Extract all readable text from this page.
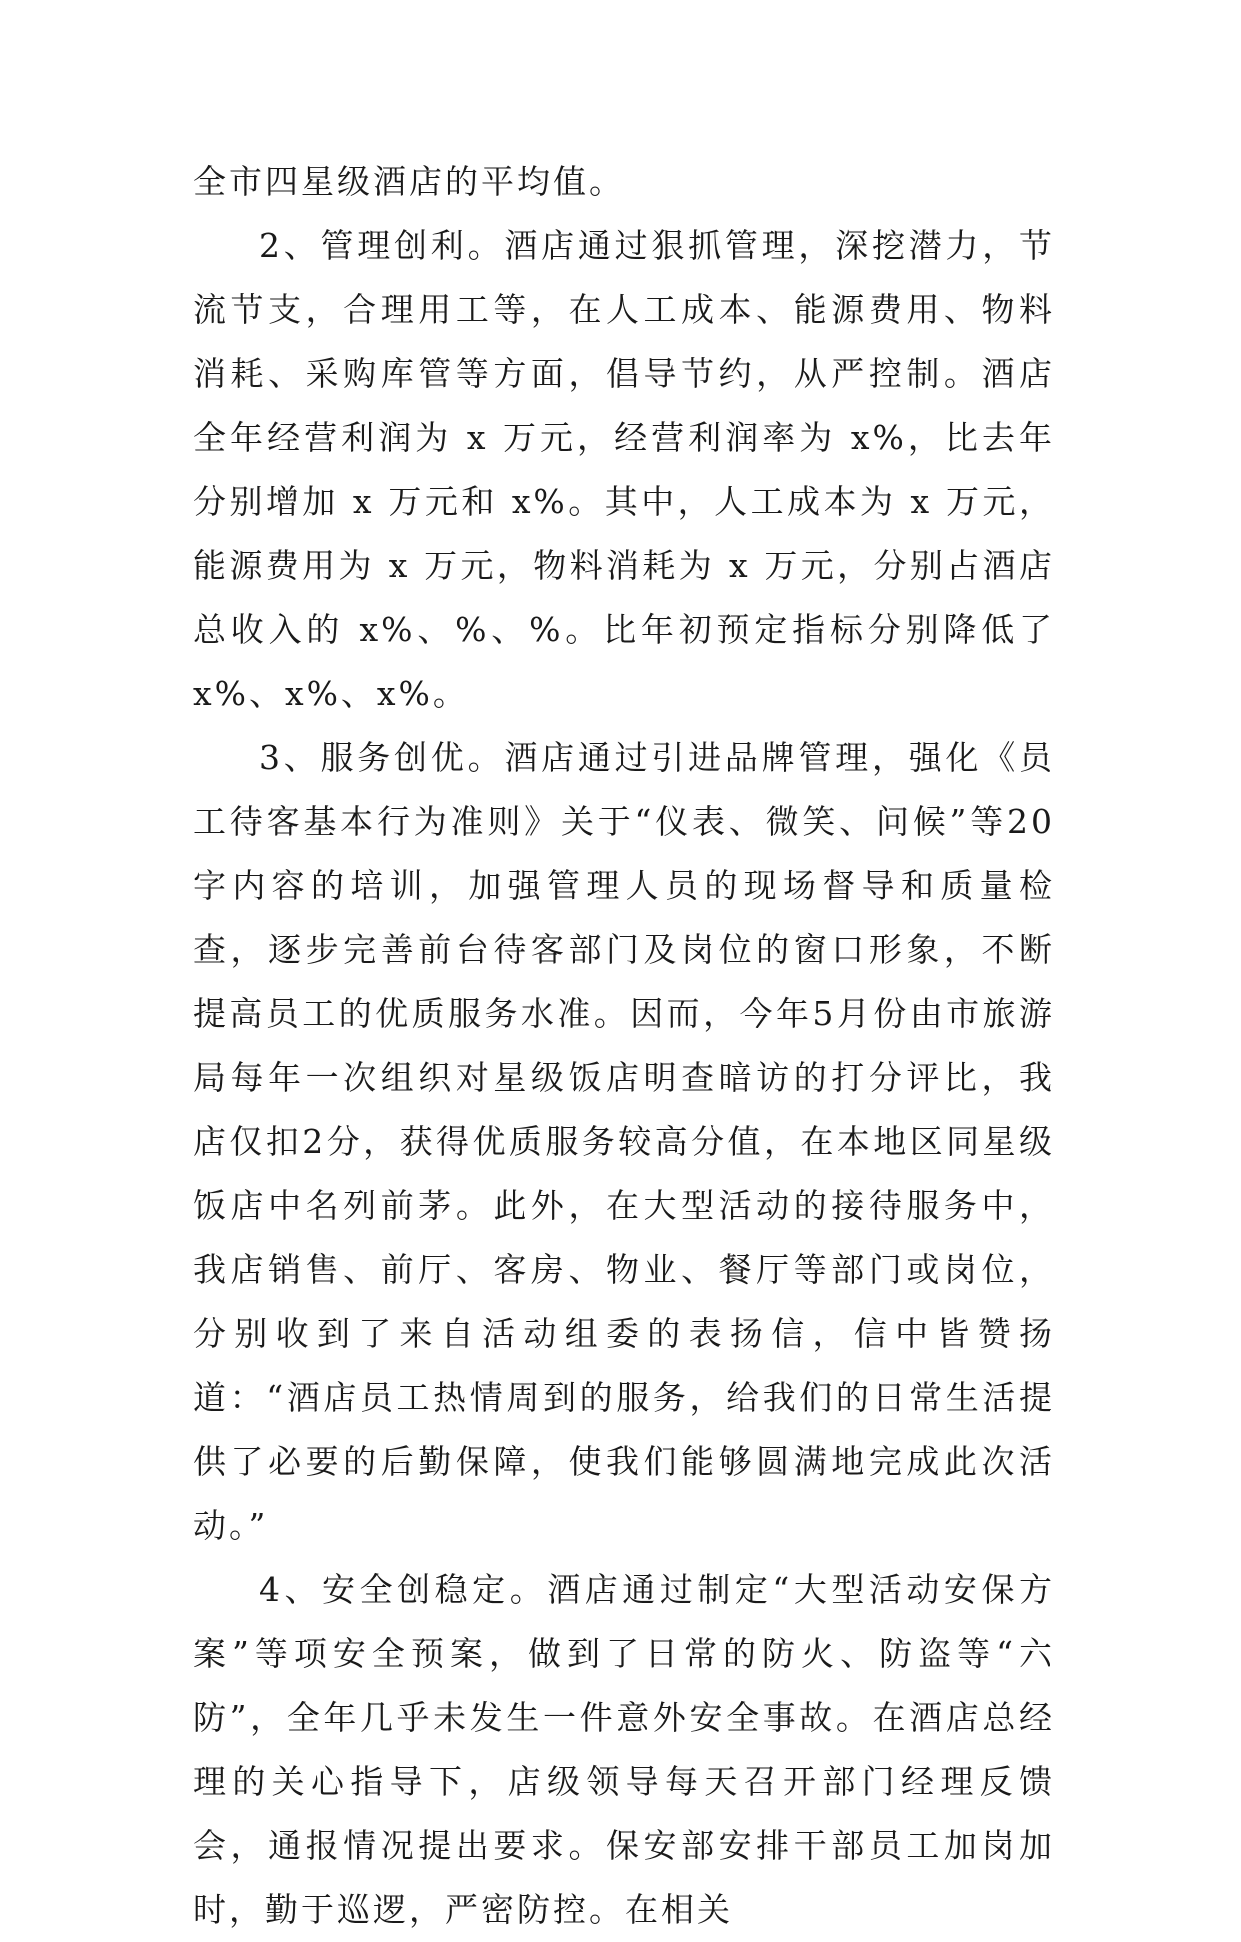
全市四星级酒店的平均值。

2、管理创利。酒店通过狠抓管理，深挖潜力，节流节支，合理用工等，在人工成本、能源费用、物料消耗、采购库管等方面，倡导节约，从严控制。酒店全年经营利润为 x 万元，经营利润率为 x%，比去年分别增加 x 万元和 x%。其中，人工成本为 x 万元，能源费用为 x 万元，物料消耗为 x 万元，分别占酒店总收入的 x%、%、%。比年初预定指标分别降低了 x%、x%、x%。

3、服务创优。酒店通过引进品牌管理，强化《员工待客基本行为准则》关于“仪表、微笑、问候”等20字内容的培训，加强管理人员的现场督导和质量检查，逐步完善前台待客部门及岗位的窗口形象，不断提高员工的优质服务水准。因而，今年5月份由市旅游局每年一次组织对星级饭店明查暗访的打分评比，我店仅扣2分，获得优质服务较高分值，在本地区同星级饭店中名列前茅。此外，在大型活动的接待服务中，我店销售、前厅、客房、物业、餐厅等部门或岗位，分别收到了来自活动组委的表扬信，信中皆赞扬道：“酒店员工热情周到的服务，给我们的日常生活提供了必要的后勤保障，使我们能够圆满地完成此次活动。”

4、安全创稳定。酒店通过制定“大型活动安保方案”等项安全预案，做到了日常的防火、防盗等“六防”，全年几乎未发生一件意外安全事故。在酒店总经理的关心指导下，店级领导每天召开部门经理反馈会，通报情况提出要求。保安部安排干部员工加岗加时，勤于巡逻，严密防控。在相关
